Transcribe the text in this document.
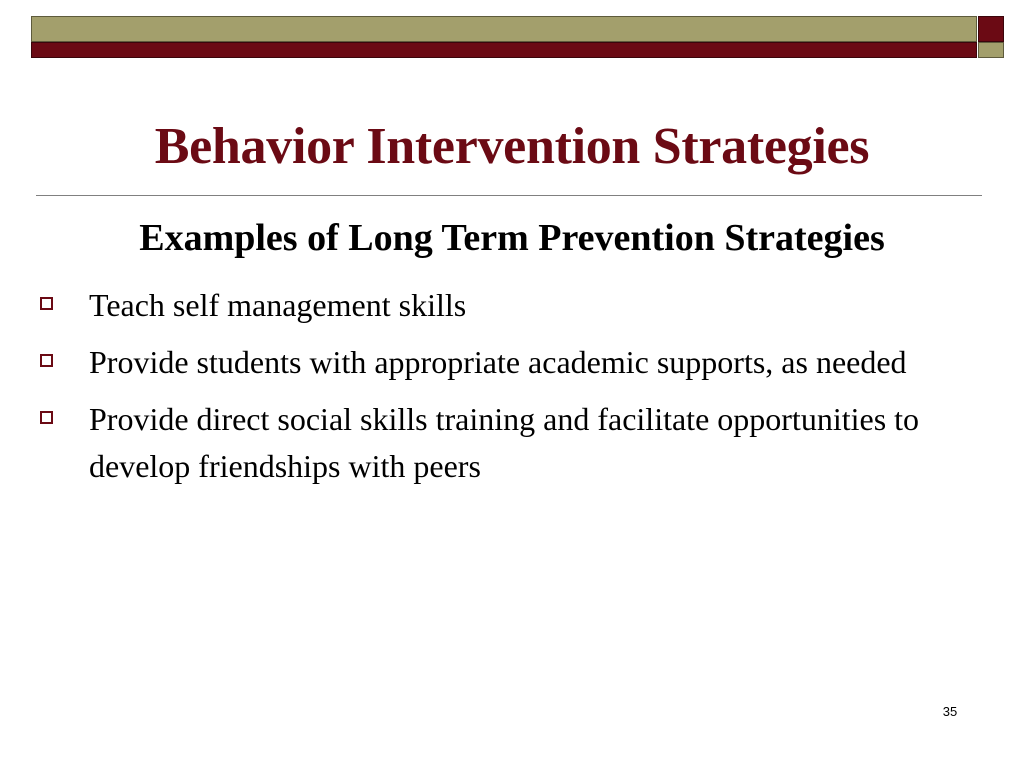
Behavior Intervention Strategies
Examples of Long Term Prevention Strategies
Teach self management skills
Provide students with appropriate academic supports, as needed
Provide direct social skills training and facilitate opportunities to develop friendships with peers
35
